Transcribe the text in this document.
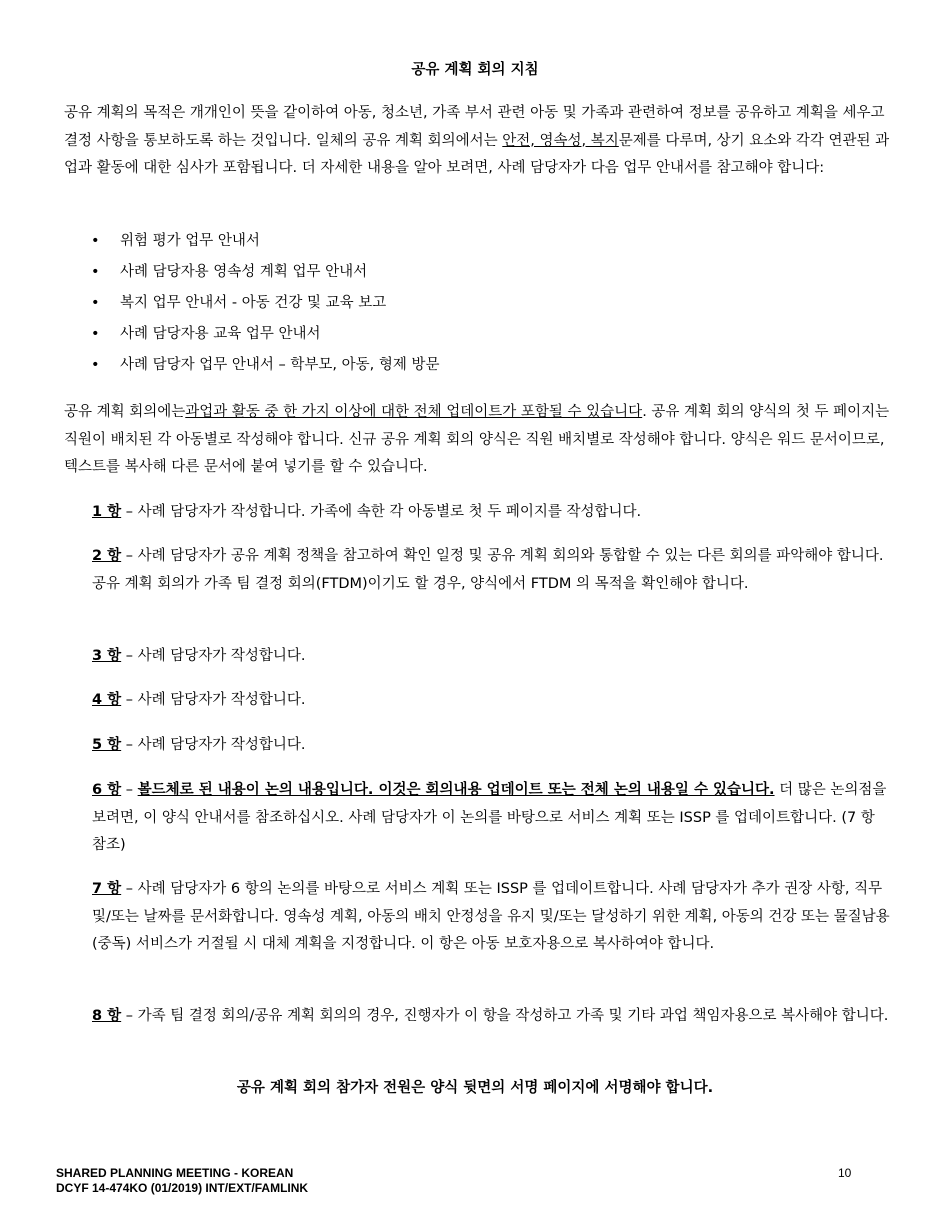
공유 계획 회의 지침

공유 계획의 목적은 개개인이 뜻을 같이하여 아동, 청소년, 가족 부서 관련 아동 및 가족과 관련하여 정보를 공유하고 계획을 세우고 결정 사항을 통보하도록 하는 것입니다. 일체의 공유 계획 회의에서는 안전, 영속성, 복지문제를 다루며, 상기 요소와 각각 연관된 과업과 활동에 대한 심사가 포함됩니다. 더 자세한 내용을 알아 보려면, 사례 담당자가 다음 업무 안내서를 참고해야 합니다:

• 위험 평가 업무 안내서
• 사례 담당자용 영속성 계획 업무 안내서
• 복지 업무 안내서 - 아동 건강 및 교육 보고
• 사례 담당자용 교육 업무 안내서
• 사례 담당자 업무 안내서 – 학부모, 아동, 형제 방문

공유 계획 회의에는과업과 활동 중 한 가지 이상에 대한 전체 업데이트가 포함될 수 있습니다. 공유 계획 회의 양식의 첫 두 페이지는 직원이 배치된 각 아동별로 작성해야 합니다. 신규 공유 계획 회의 양식은 직원 배치별로 작성해야 합니다. 양식은 워드 문서이므로, 텍스트를 복사해 다른 문서에 붙여 넣기를 할 수 있습니다.

1 항 – 사례 담당자가 작성합니다. 가족에 속한 각 아동별로 첫 두 페이지를 작성합니다.

2 항 – 사례 담당자가 공유 계획 정책을 참고하여 확인 일정 및 공유 계획 회의와 통합할 수 있는 다른 회의를 파악해야 합니다. 공유 계획 회의가 가족 팀 결정 회의(FTDM)이기도 할 경우, 양식에서 FTDM 의 목적을 확인해야 합니다.

3 항 – 사례 담당자가 작성합니다.

4 항 – 사례 담당자가 작성합니다.

5 항 – 사례 담당자가 작성합니다.

6 항 – 볼드체로 된 내용이 논의 내용입니다. 이것은 회의내용 업데이트 또는 전체 논의 내용일 수 있습니다. 더 많은 논의점을 보려면, 이 양식 안내서를 참조하십시오. 사례 담당자가 이 논의를 바탕으로 서비스 계획 또는 ISSP 를 업데이트합니다. (7 항 참조)

7 항 – 사례 담당자가 6 항의 논의를 바탕으로 서비스 계획 또는 ISSP 를 업데이트합니다. 사례 담당자가 추가 권장 사항, 직무 및/또는 날짜를 문서화합니다. 영속성 계획, 아동의 배치 안정성을 유지 및/또는 달성하기 위한 계획, 아동의 건강 또는 물질남용(중독) 서비스가 거절될 시 대체 계획을 지정합니다. 이 항은 아동 보호자용으로 복사하여야 합니다.

8 항 – 가족 팀 결정 회의/공유 계획 회의의 경우, 진행자가 이 항을 작성하고 가족 및 기타 과업 책임자용으로 복사해야 합니다.

공유 계획 회의 참가자 전원은 양식 뒷면의 서명 페이지에 서명해야 합니다.
SHARED PLANNING MEETING - KOREAN
DCYF 14-474KO (01/2019) INT/EXT/FAMLINK
10
